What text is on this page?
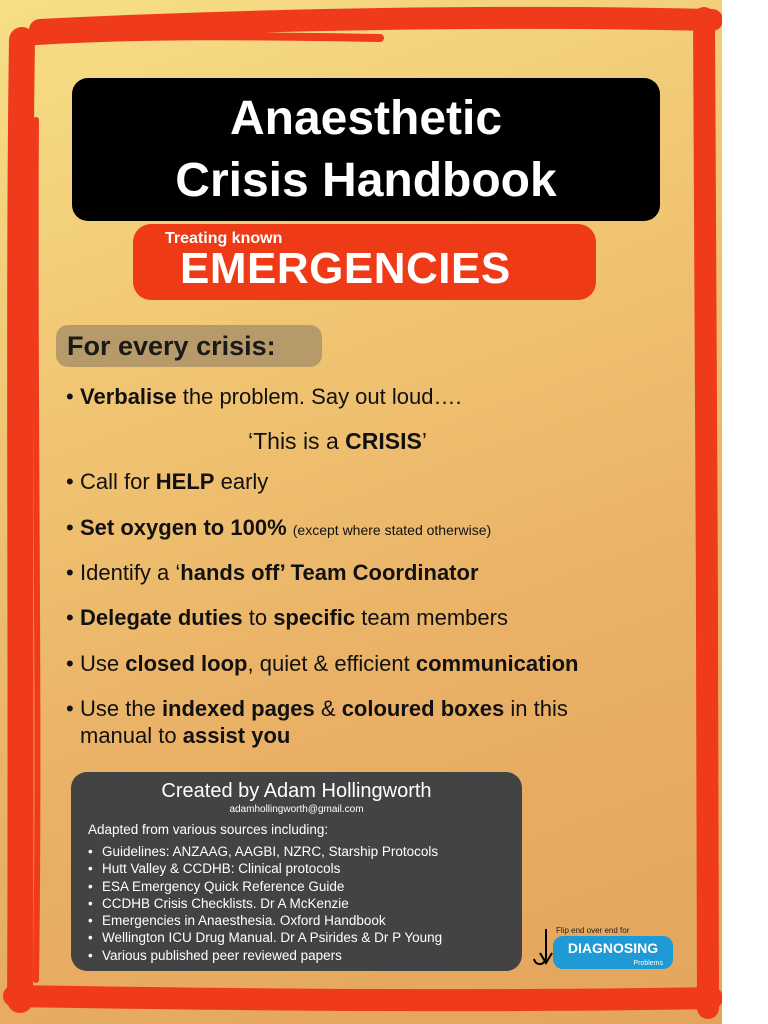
Anaesthetic
Crisis Handbook
Treating known
EMERGENCIES
For every crisis:
• Verbalise the problem. Say out loud….
‘This is a CRISIS’
• Call for HELP early
• Set oxygen to 100% (except where stated otherwise)
• Identify a ‘hands off’ Team Coordinator
• Delegate duties to specific team members
• Use closed loop, quiet & efficient communication
• Use the indexed pages & coloured boxes in this
manual to assist you
Created by Adam Hollingworth
adamhollingworth@gmail.com
Adapted from various sources including:
• Guidelines: ANZAAG, AAGBI, NZRC, Starship Protocols
• Hutt Valley & CCDHB: Clinical protocols
• ESA Emergency Quick Reference Guide
• CCDHB Crisis Checklists. Dr A McKenzie
• Emergencies in Anaesthesia. Oxford Handbook
• Wellington ICU Drug Manual. Dr A Psirides & Dr P Young
• Various published peer reviewed papers
Flip end over end for
DIAGNOSING
Problems
